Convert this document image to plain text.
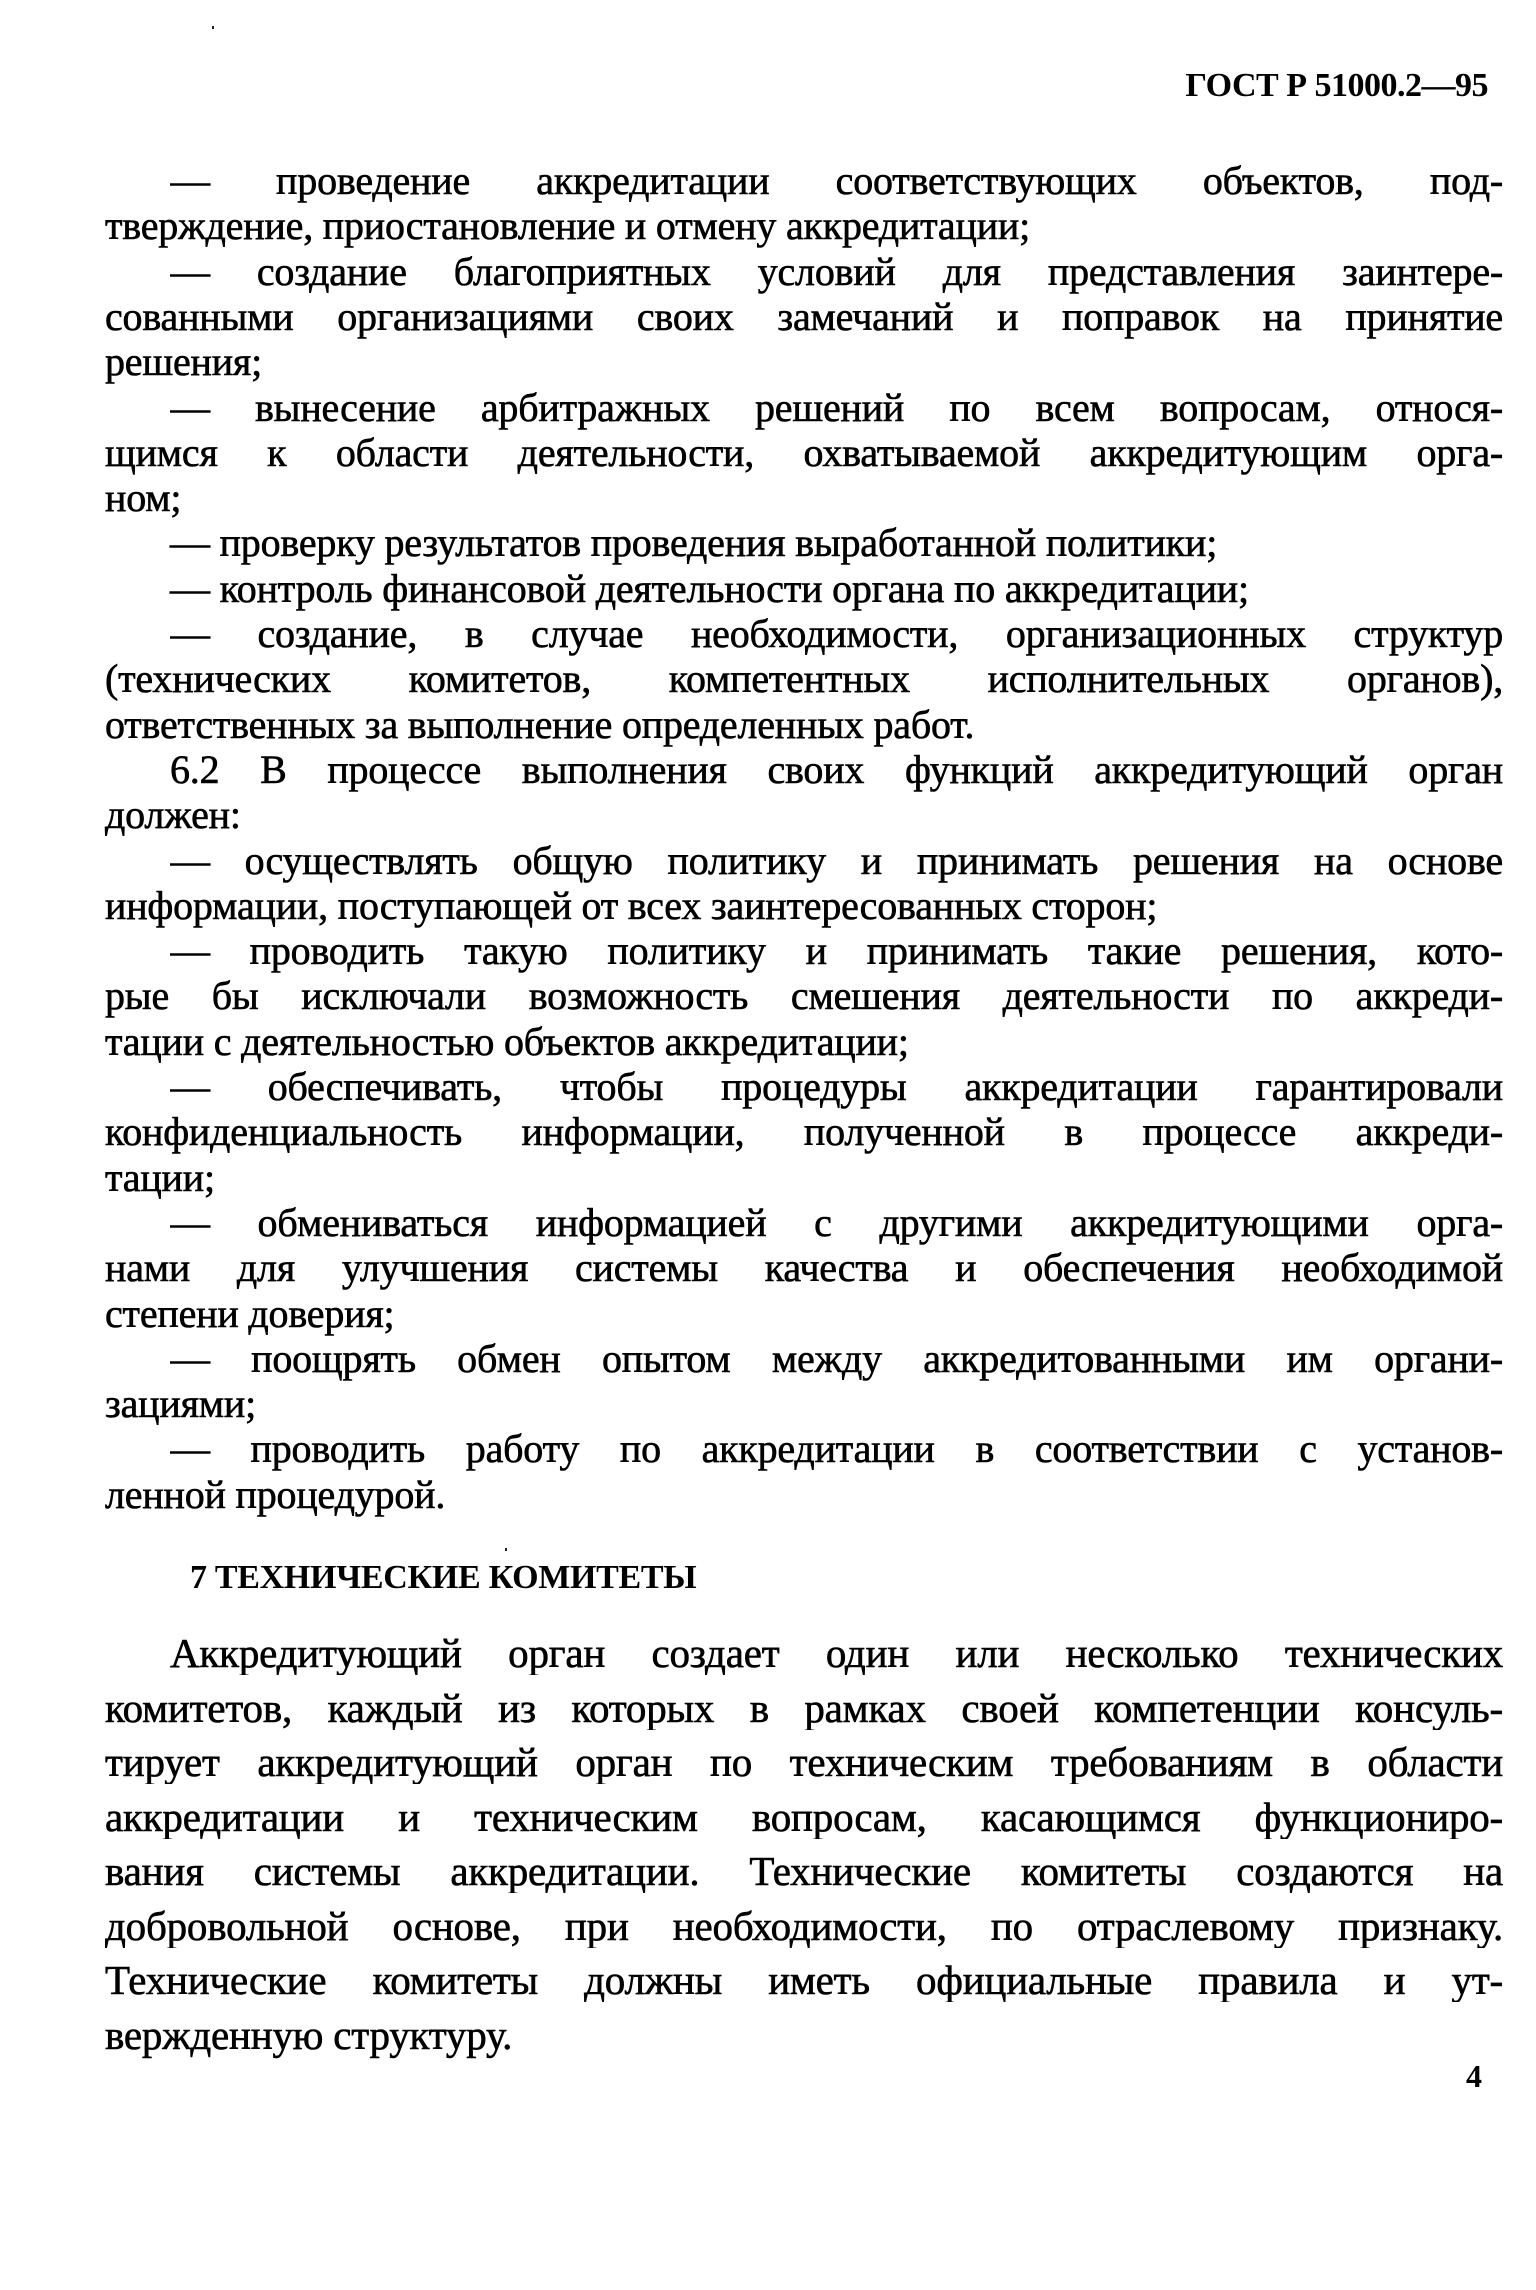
ГОСТ Р 51000.2—95
— проведение аккредитации соответствующих объектов, под-
тверждение, приостановление и отмену аккредитации;
— создание благоприятных условий для представления заинтере-
сованными организациями своих замечаний и поправок на принятие
решения;
— вынесение арбитражных решений по всем вопросам, относя-
щимся к области деятельности, охватываемой аккредитующим орга-
ном;
— проверку результатов проведения выработанной политики;
— контроль финансовой деятельности органа по аккредитации;
— создание, в случае необходимости, организационных структур
(технических комитетов, компетентных исполнительных органов),
ответственных за выполнение определенных работ.
6.2 В процессе выполнения своих функций аккредитующий орган
должен:
— осуществлять общую политику и принимать решения на основе
информации, поступающей от всех заинтересованных сторон;
— проводить такую политику и принимать такие решения, кото-
рые бы исключали возможность смешения деятельности по аккреди-
тации с деятельностью объектов аккредитации;
— обеспечивать, чтобы процедуры аккредитации гарантировали
конфиденциальность информации, полученной в процессе аккреди-
тации;
— обмениваться информацией с другими аккредитующими орга-
нами для улучшения системы качества и обеспечения необходимой
степени доверия;
— поощрять обмен опытом между аккредитованными им органи-
зациями;
— проводить работу по аккредитации в соответствии с установ-
ленной процедурой.
7 ТЕХНИЧЕСКИЕ КОМИТЕТЫ
Аккредитующий орган создает один или несколько технических
комитетов, каждый из которых в рамках своей компетенции консуль-
тирует аккредитующий орган по техническим требованиям в области
аккредитации и техническим вопросам, касающимся функциониро-
вания системы аккредитации. Технические комитеты создаются на
добровольной основе, при необходимости, по отраслевому признаку.
Технические комитеты должны иметь официальные правила и ут-
вержденную структуру.
4
